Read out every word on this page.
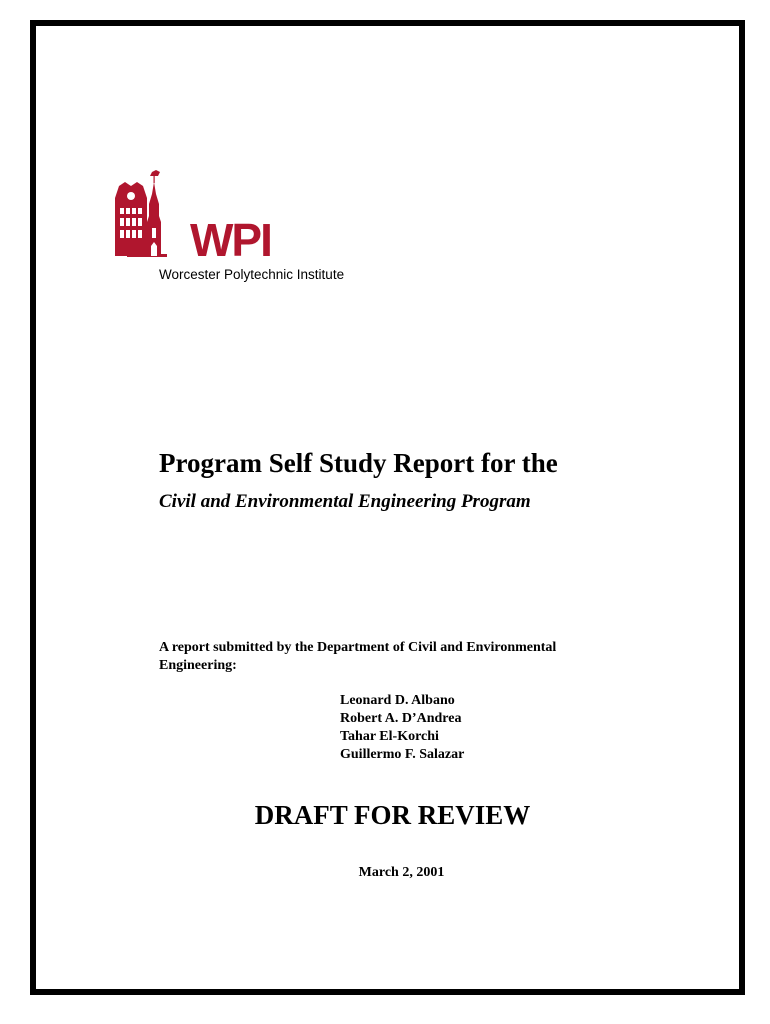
WPI
Worcester Polytechnic Institute
Program Self Study Report for the
Civil and Environmental Engineering Program
A report submitted by the Department of Civil and Environmental Engineering:
Leonard D. Albano
Robert A. D’Andrea
Tahar El-Korchi
Guillermo F. Salazar
DRAFT FOR REVIEW
March 2, 2001
